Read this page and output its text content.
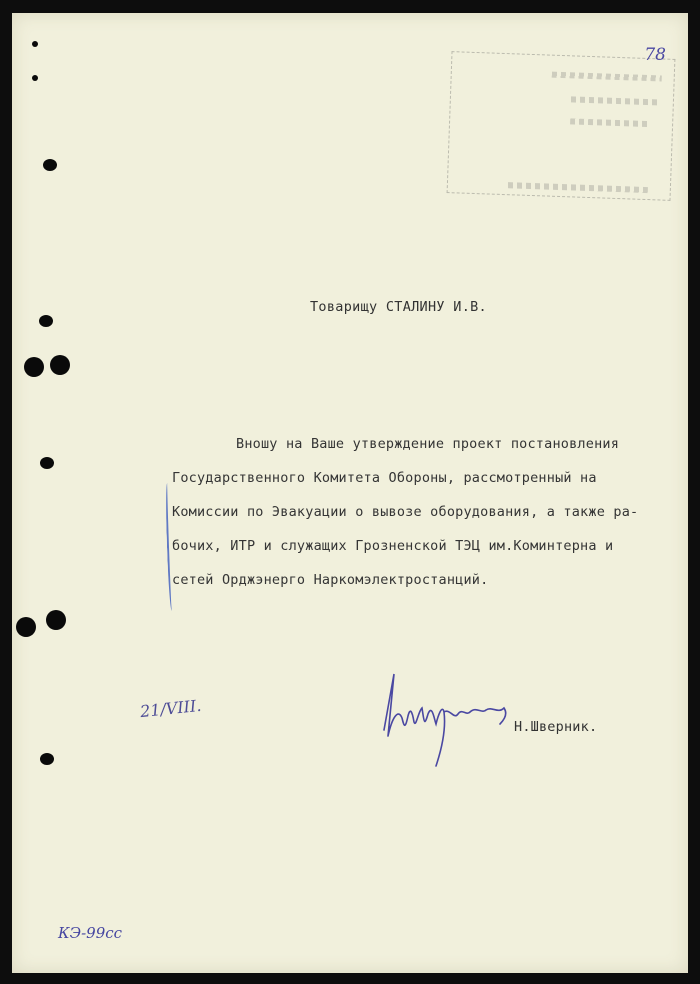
78
Товарищу СТАЛИНУ И.В.
Вношу на Ваше утверждение проект постановления
Государственного Комитета Обороны, рассмотренный на
Комиссии по Эвакуации о вывозе оборудования, а также ра-
бочих, ИТР и служащих Грозненской ТЭЦ им.Коминтерна и
сетей Орджэнерго Наркомэлектростанций.
21/VIII.
Н.Шверник.
КЭ-99сс
